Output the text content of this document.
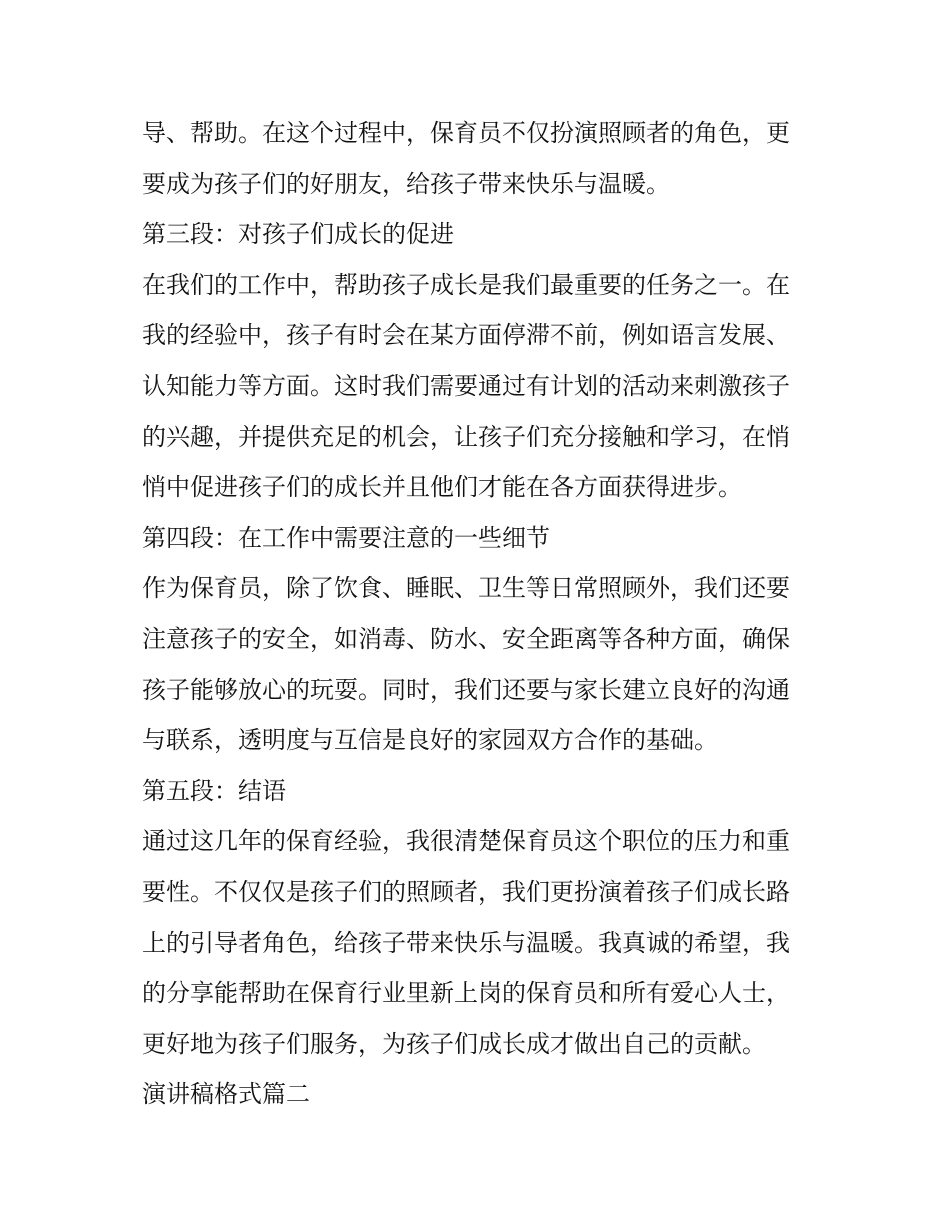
导、帮助。在这个过程中，保育员不仅扮演照顾者的角色，更
要成为孩子们的好朋友，给孩子带来快乐与温暖。
第三段：对孩子们成长的促进
在我们的工作中，帮助孩子成长是我们最重要的任务之一。在
我的经验中，孩子有时会在某方面停滞不前，例如语言发展、
认知能力等方面。这时我们需要通过有计划的活动来刺激孩子
的兴趣，并提供充足的机会，让孩子们充分接触和学习，在悄
悄中促进孩子们的成长并且他们才能在各方面获得进步。
第四段：在工作中需要注意的一些细节
作为保育员，除了饮食、睡眠、卫生等日常照顾外，我们还要
注意孩子的安全，如消毒、防水、安全距离等各种方面，确保
孩子能够放心的玩耍。同时，我们还要与家长建立良好的沟通
与联系，透明度与互信是良好的家园双方合作的基础。
第五段：结语
通过这几年的保育经验，我很清楚保育员这个职位的压力和重
要性。不仅仅是孩子们的照顾者，我们更扮演着孩子们成长路
上的引导者角色，给孩子带来快乐与温暖。我真诚的希望，我
的分享能帮助在保育行业里新上岗的保育员和所有爱心人士，
更好地为孩子们服务，为孩子们成长成才做出自己的贡献。
演讲稿格式篇二
